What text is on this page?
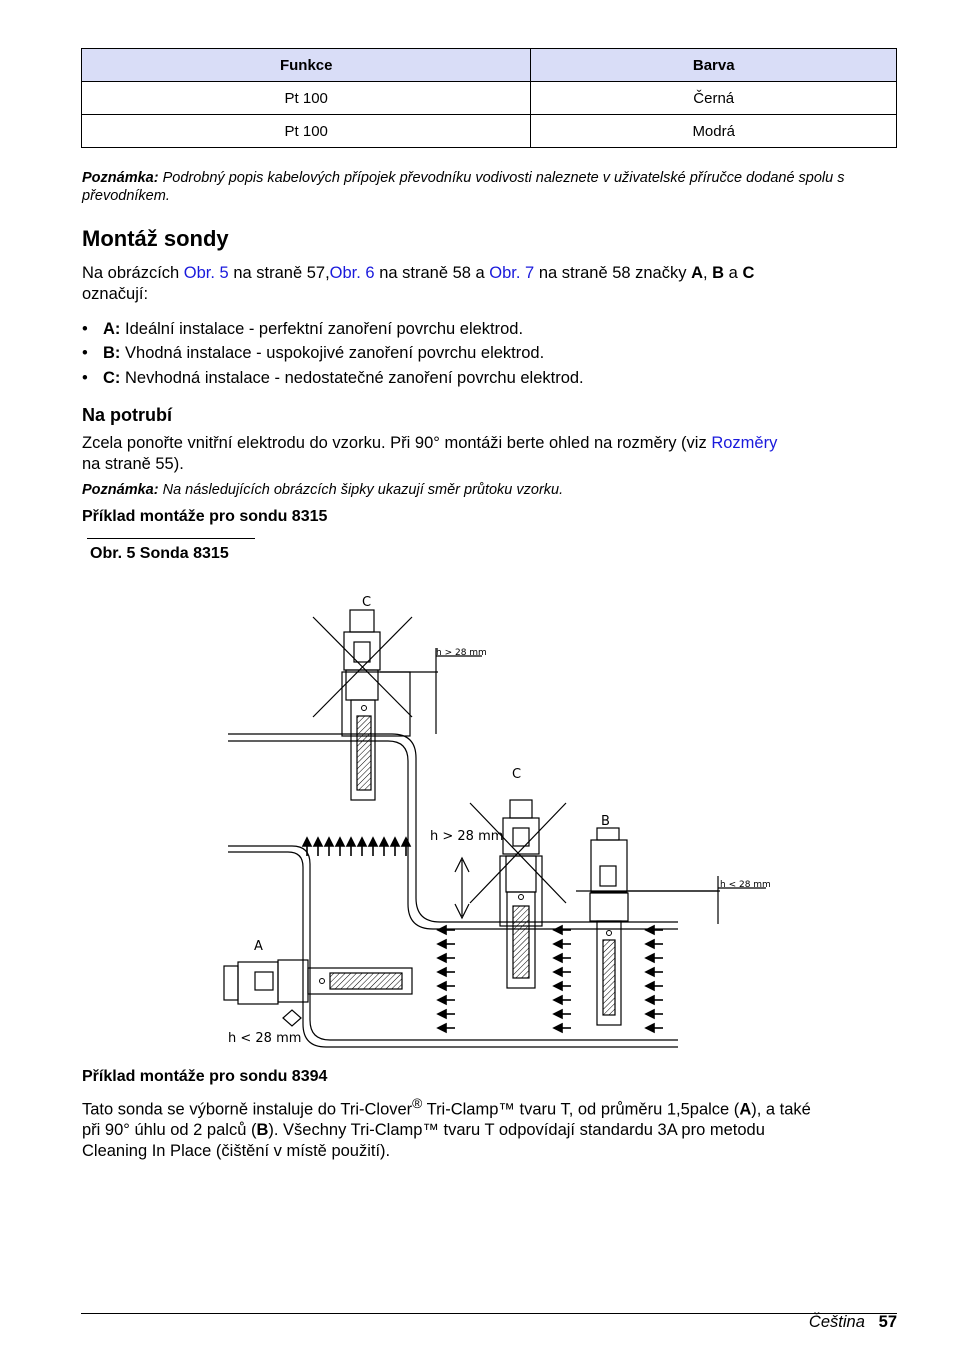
Funkce	Barva
Pt 100	Černá
Pt 100	Modrá
Poznámka: Podrobný popis kabelových přípojek převodníku vodivosti naleznete v uživatelské příručce dodané spolu s převodníkem.
Montáž sondy
Na obrázcích Obr. 5 na straně 57,Obr. 6 na straně 58 a Obr. 7 na straně 58 značky A, B a C
označují:
• A: Ideální instalace - perfektní zanoření povrchu elektrod.
• B: Vhodná instalace - uspokojivé zanoření povrchu elektrod.
• C: Nevhodná instalace - nedostatečné zanoření povrchu elektrod.
Na potrubí
Zcela ponořte vnitřní elektrodu do vzorku. Při 90° montáži berte ohled na rozměry (viz Rozměry
na straně 55).
Poznámka: Na následujících obrázcích šipky ukazují směr průtoku vzorku.
Příklad montáže pro sondu 8315
Obr. 5 Sonda 8315
C
C
B
A
h > 28 mm
h > 28 mm
h < 28 mm
h < 28 mm
Příklad montáže pro sondu 8394
Tato sonda se výborně instaluje do Tri-Clover® Tri-Clamp™ tvaru T, od průměru 1,5palce (A), a také
při 90° úhlu od 2 palců (B). Všechny Tri-Clamp™ tvaru T odpovídají standardu 3A pro metodu
Cleaning In Place (čištění v místě použití).
Čeština 57
